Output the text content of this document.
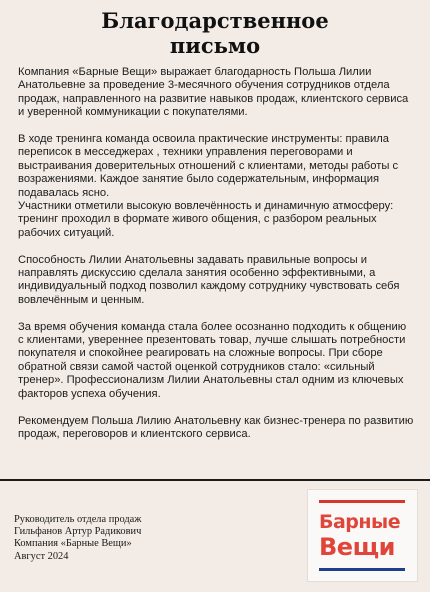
Благодарственное
письмо

Компания «Барные Вещи» выражает благодарность Польша Лилии Анатольевне за проведение 3-месячного обучения сотрудников отдела продаж, направленного на развитие навыков продаж, клиентского сервиса и уверенной коммуникации с покупателями.

В ходе тренинга команда освоила практические инструменты: правила переписок в месседжерах , техники управления переговорами и выстраивания доверительных отношений с клиентами, методы работы с возражениями. Каждое занятие было содержательным, информация подавалась ясно.

Участники отметили высокую вовлечённость и динамичную атмосферу: тренинг проходил в формате живого общения, с разбором реальных рабочих ситуаций.

Способность Лилии Анатольевны задавать правильные вопросы и направлять дискуссию сделала занятия особенно эффективными, а индивидуальный подход позволил каждому сотруднику чувствовать себя вовлечённым и ценным.

За время обучения команда стала более осознанно подходить к общению с клиентами, увереннее презентовать товар, лучше слышать потребности покупателя и спокойнее реагировать на сложные вопросы. При сборе обратной связи самой частой оценкой сотрудников стало: «сильный тренер». Профессионализм Лилии Анатольевны стал одним из ключевых факторов успеха обучения.

Рекомендуем Польша Лилию Анатольевну как бизнес-тренера по развитию продаж, переговоров и клиентского сервиса.

Руководитель отдела продаж
Гильфанов Артур Радикович
Компания «Барные Вещи»
Август 2024
Барные
Вещи
